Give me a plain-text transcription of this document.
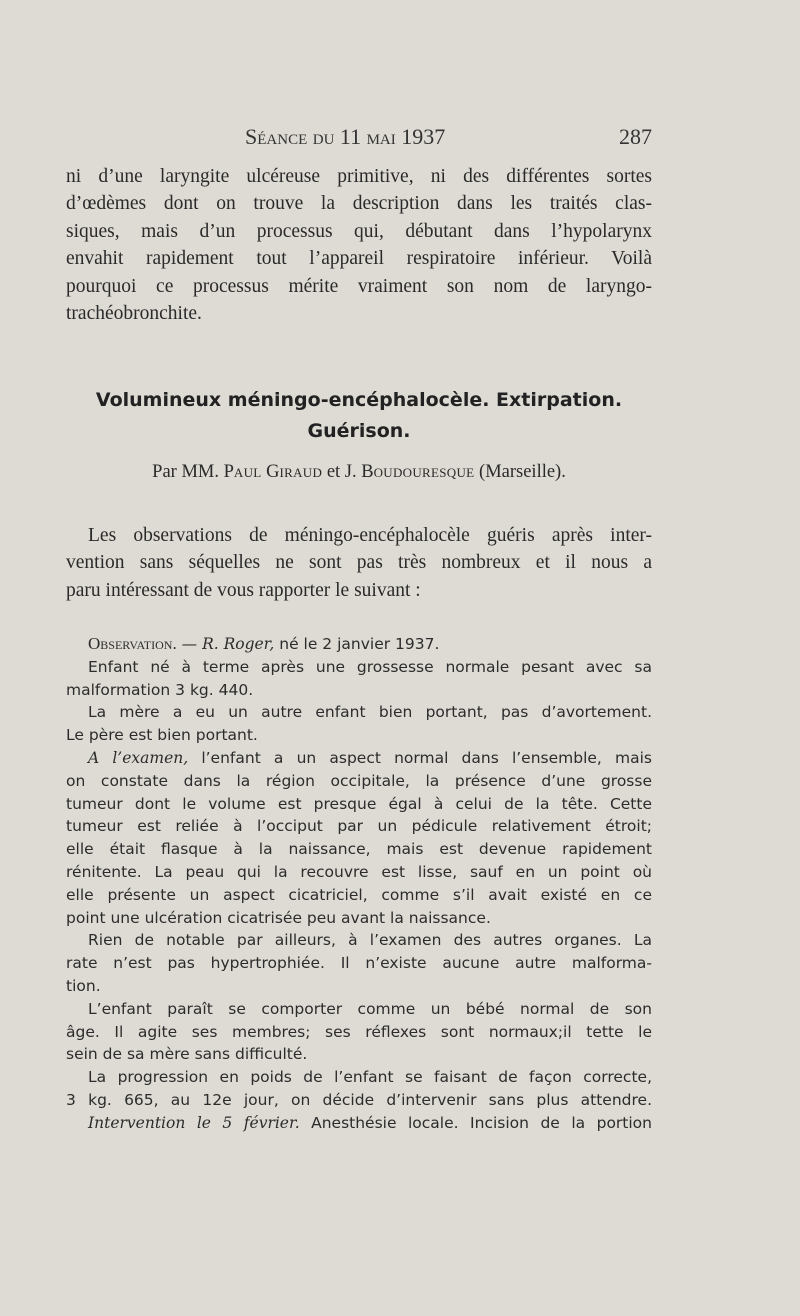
Séance du 11 mai 1937	287
ni d’une laryngite ulcéreuse primitive, ni des différentes sortes
d’œdèmes dont on trouve la description dans les traités clas-
siques, mais d’un processus qui, débutant dans l’hypolarynx
envahit rapidement tout l’appareil respiratoire inférieur. Voilà
pourquoi ce processus mérite vraiment son nom de laryngo-
trachéobronchite.
Volumineux méningo-encéphalocèle. Extirpation.
Guérison.
Par MM. Paul Giraud et J. Boudouresque (Marseille).
Les observations de méningo-encéphalocèle guéris après inter-
vention sans séquelles ne sont pas très nombreux et il nous a
paru intéressant de vous rapporter le suivant :
Observation. — R. Roger, né le 2 janvier 1937.
Enfant né à terme après une grossesse normale pesant avec sa
malformation 3 kg. 440.
La mère a eu un autre enfant bien portant, pas d’avortement.
Le père est bien portant.
A l’examen, l’enfant a un aspect normal dans l’ensemble, mais
on constate dans la région occipitale, la présence d’une grosse
tumeur dont le volume est presque égal à celui de la tête. Cette
tumeur est reliée à l’occiput par un pédicule relativement étroit;
elle était flasque à la naissance, mais est devenue rapidement
rénitente. La peau qui la recouvre est lisse, sauf en un point où
elle présente un aspect cicatriciel, comme s’il avait existé en ce
point une ulcération cicatrisée peu avant la naissance.
Rien de notable par ailleurs, à l’examen des autres organes. La
rate n’est pas hypertrophiée. Il n’existe aucune autre malforma-
tion.
L’enfant paraît se comporter comme un bébé normal de son
âge. Il agite ses membres; ses réflexes sont normaux;il tette le
sein de sa mère sans difficulté.
La progression en poids de l’enfant se faisant de façon correcte,
3 kg. 665, au 12e jour, on décide d’intervenir sans plus attendre.
Intervention le 5 février. Anesthésie locale. Incision de la portion
